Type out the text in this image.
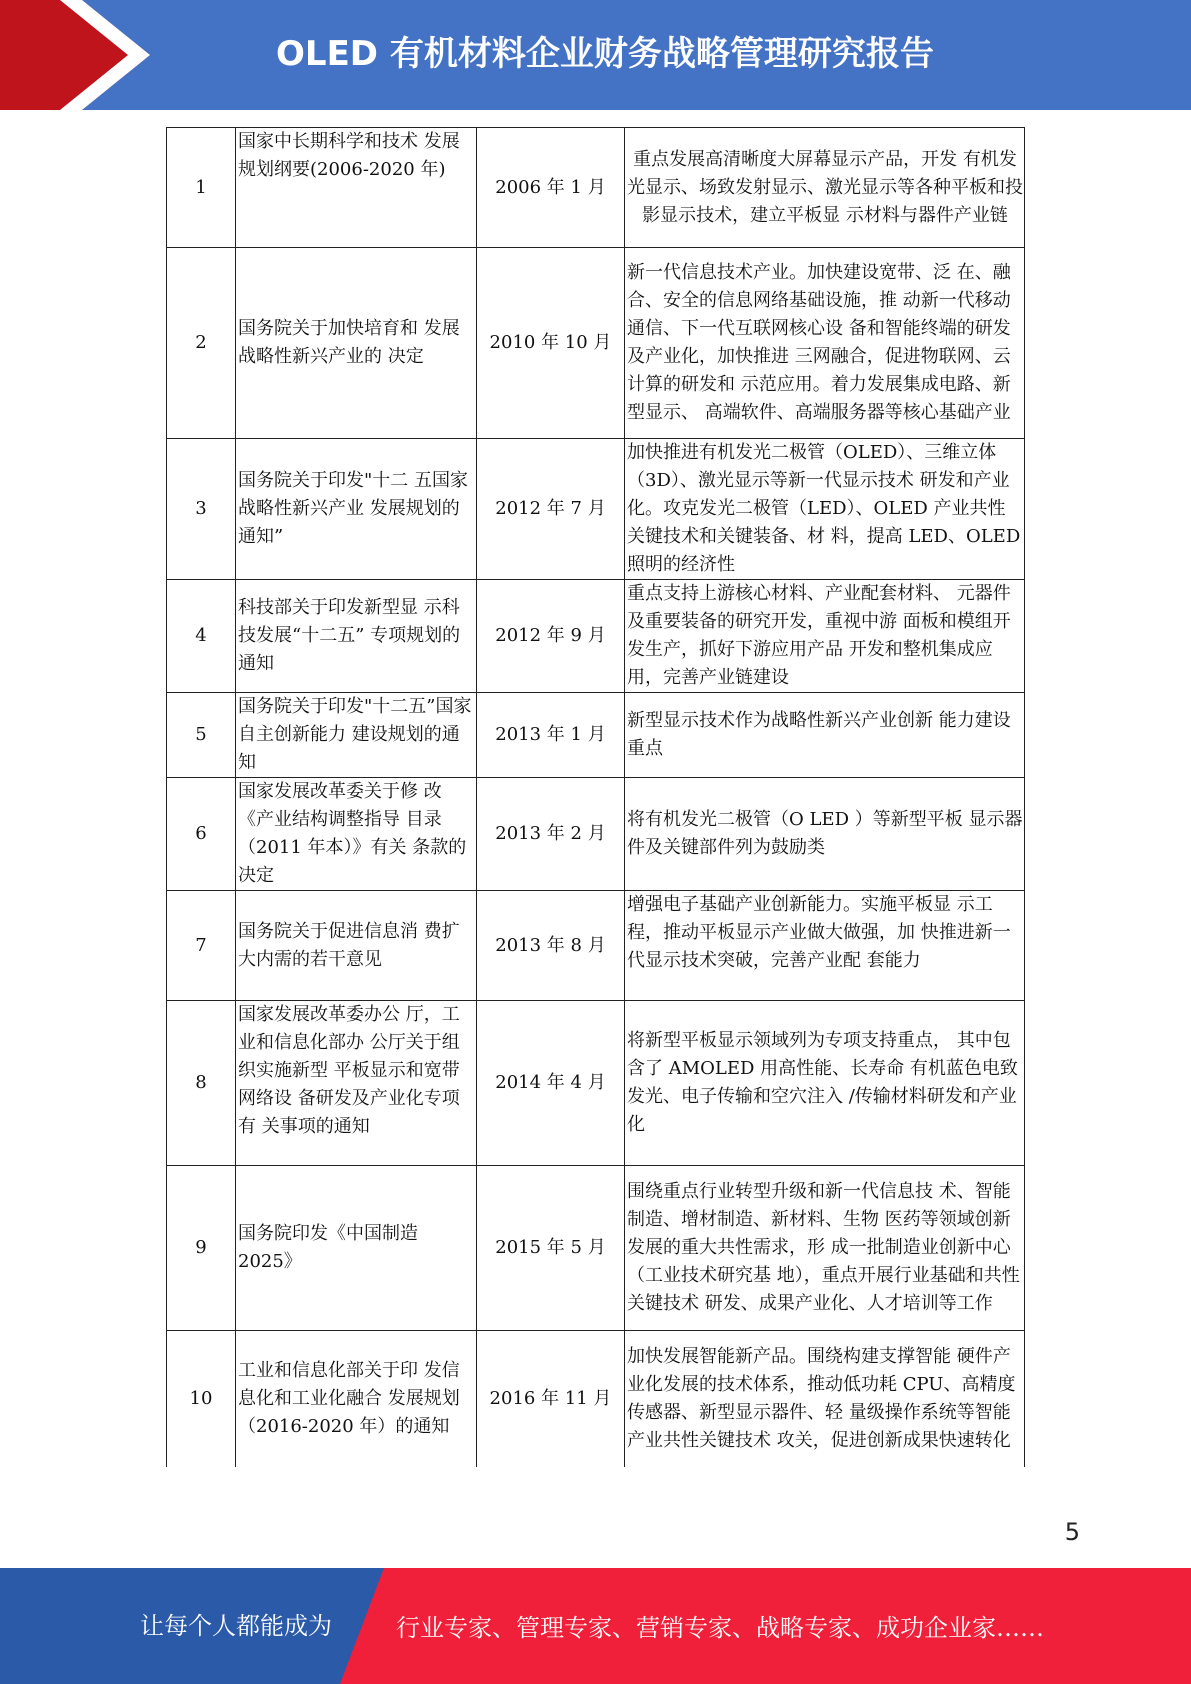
OLED 有机材料企业财务战略管理研究报告
1	国家中长期科学和技术 发展规划纲要(2006-2020 年)	2006 年 1 月	重点发展高清晰度大屏幕显示产品，开发 有机发光显示、场致发射显示、激光显示等各种平板和投影显示技术，建立平板显 示材料与器件产业链
2	国务院关于加快培育和 发展战略性新兴产业的 决定	2010 年 10 月	新一代信息技术产业。加快建设宽带、泛 在、融合、安全的信息网络基础设施，推 动新一代移动通信、下一代互联网核心设 备和智能终端的研发及产业化，加快推进 三网融合，促进物联网、云计算的研发和 示范应用。着力发展集成电路、新型显示、 高端软件、高端服务器等核心基础产业
3	国务院关于印发"十二 五国家战略性新兴产业 发展规划的通知”	2012 年 7 月	加快推进有机发光二极管（OLED）、三维立体（3D）、激光显示等新一代显示技术 研发和产业化。攻克发光二极管（LED）、OLED 产业共性关键技术和关键装备、材 料，提高 LED、OLED 照明的经济性
4	科技部关于印发新型显 示科技发展“十二五” 专项规划的通知	2012 年 9 月	重点支持上游核心材料、产业配套材料、 元器件及重要装备的研究开发，重视中游 面板和模组开发生产，抓好下游应用产品 开发和整机集成应用，完善产业链建设
5	国务院关于印发"十二五”国家自主创新能力 建设规划的通知	2013 年 1 月	新型显示技术作为战略性新兴产业创新 能力建设重点
6	国家发展改革委关于修 改《产业结构调整指导 目录（2011 年本）》有关 条款的决定	2013 年 2 月	将有机发光二极管（O LED ）等新型平板 显示器件及关键部件列为鼓励类
7	国务院关于促进信息消 费扩大内需的若干意见	2013 年 8 月	增强电子基础产业创新能力。实施平板显 示工程，推动平板显示产业做大做强，加 快推进新一代显示技术突破，完善产业配 套能力
8	国家发展改革委办公 厅，工业和信息化部办 公厅关于组织实施新型 平板显示和宽带网络设 备研发及产业化专项有 关事项的通知	2014 年 4 月	将新型平板显示领域列为专项支持重点， 其中包含了 AMOLED 用高性能、长寿命 有机蓝色电致发光、电子传输和空穴注入 /传输材料研发和产业化
9	国务院印发《中国制造 2025》	2015 年 5 月	围绕重点行业转型升级和新一代信息技 术、智能制造、增材制造、新材料、生物 医药等领域创新发展的重大共性需求，形 成一批制造业创新中心（工业技术研究基 地），重点开展行业基础和共性关键技术 研发、成果产业化、人才培训等工作
10	工业和信息化部关于印 发信息化和工业化融合 发展规划（2016-2020 年）的通知	2016 年 11 月	加快发展智能新产品。围绕构建支撑智能 硬件产业化发展的技术体系，推动低功耗 CPU、高精度传感器、新型显示器件、轻 量级操作系统等智能产业共性关键技术 攻关，促进创新成果快速转化
5
让每个人都能成为	行业专家、管理专家、营销专家、战略专家、成功企业家……
